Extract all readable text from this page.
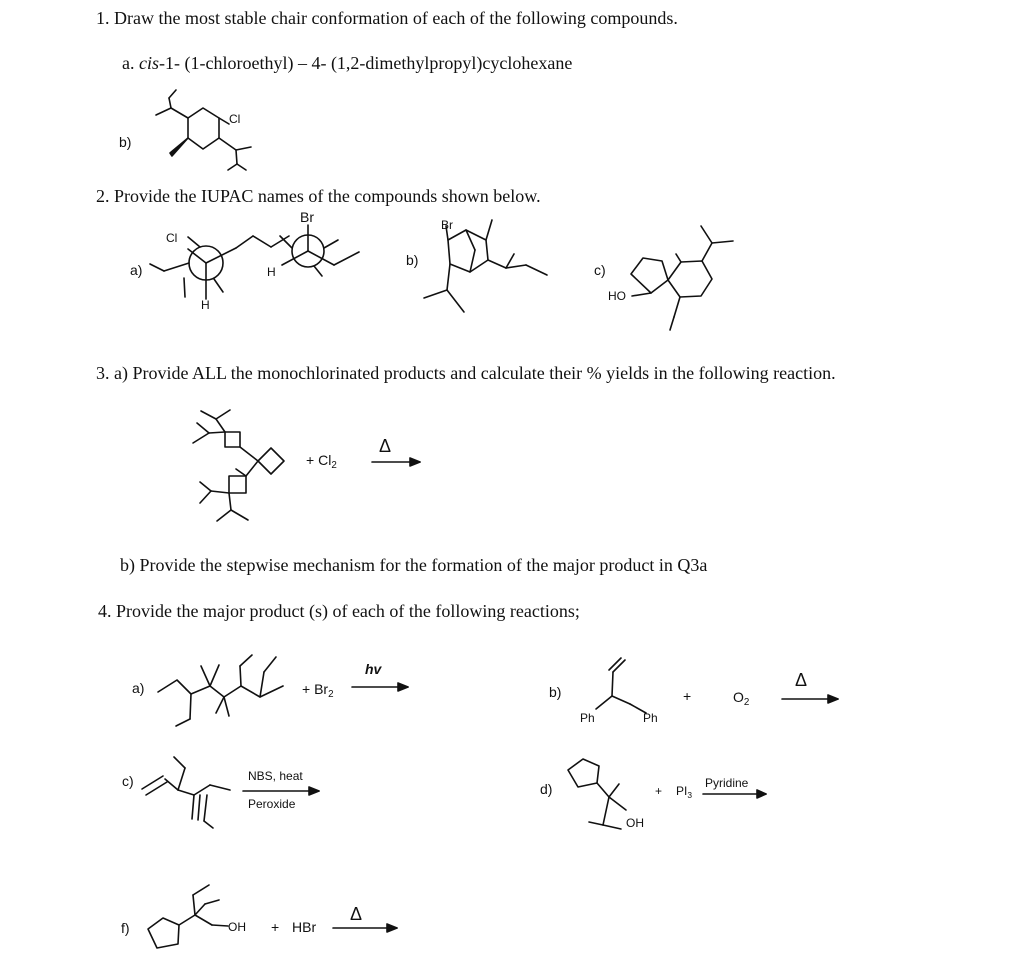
1. Draw the most stable chair conformation of each of the following compounds.
a. cis-1- (1-chloroethyl) – 4- (1,2-dimethylpropyl)cyclohexane
b)
Cl
2. Provide the IUPAC names of the compounds shown below.
a)
Cl
H
H
Br
b)
Br
c)
HO
3. a) Provide ALL the monochlorinated products and calculate their % yields in the following reaction.
+ $Cl_2$
Δ
b) Provide the stepwise mechanism for the formation of the major product in Q3a
4. Provide the major product (s) of each of the following reactions;
a)	+ $Br_2$
hv
b)
Ph	Ph
+	$O_2$
Δ
c)	NBS, heat
Peroxide
d)
OH
+ $PI_3$
Pyridine
f)	OH + HBr
Δ
